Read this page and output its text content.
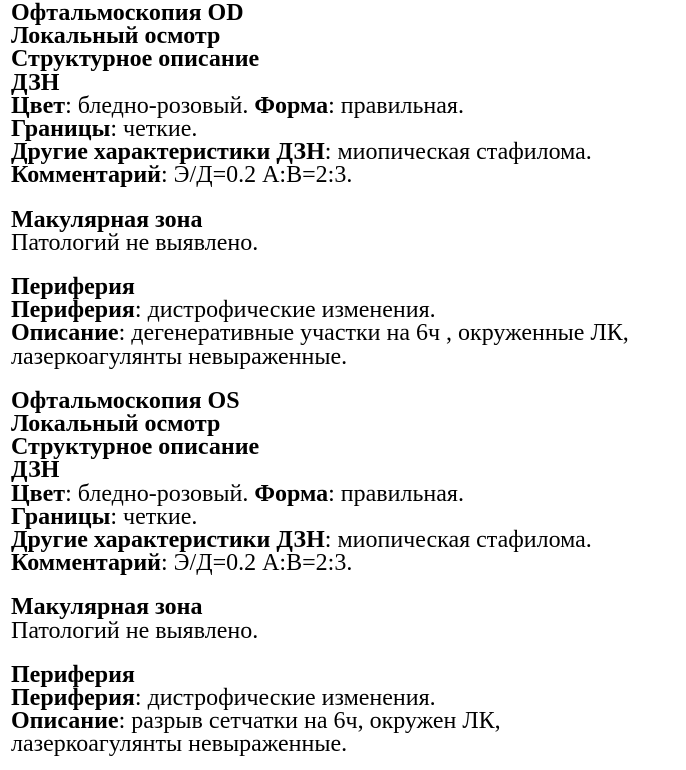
Офтальмоскопия OD

Локальный осмотр

Структурное описание

ДЗН

Цвет: бледно-розовый. Форма: правильная.

Границы: четкие.

Другие характеристики ДЗН: миопическая стафилома.

Комментарий: Э/Д=0.2 А:В=2:3.

Макулярная зона

Патологий не выявлено.

Периферия

Периферия: дистрофические изменения.

Описание: дегенеративные участки на 6ч , окруженные ЛК,

лазеркоагулянты невыраженные.

Офтальмоскопия OS

Локальный осмотр

Структурное описание

ДЗН

Цвет: бледно-розовый. Форма: правильная.

Границы: четкие.

Другие характеристики ДЗН: миопическая стафилома.

Комментарий: Э/Д=0.2 А:В=2:3.

Макулярная зона

Патологий не выявлено.

Периферия

Периферия: дистрофические изменения.

Описание: разрыв сетчатки на 6ч, окружен ЛК,

лазеркоагулянты невыраженные.
